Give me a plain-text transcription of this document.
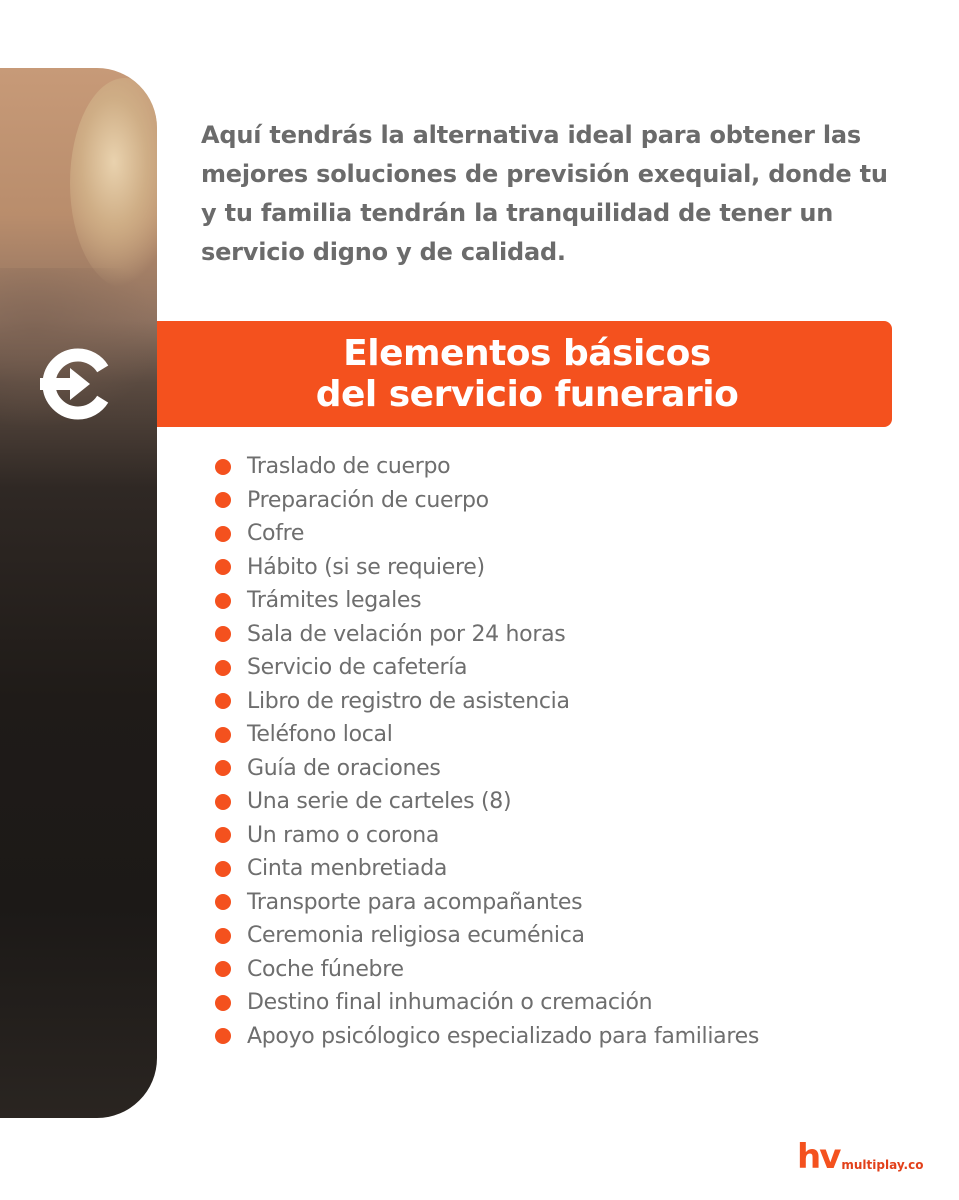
Aquí tendrás la alternativa ideal para obtener las mejores soluciones de previsión exequial, donde tu y tu familia tendrán la tranquilidad de tener un servicio digno y de calidad.

Elementos básicos
del servicio funerario
Traslado de cuerpo
Preparación de cuerpo
Cofre
Hábito (si se requiere)
Trámites legales
Sala de velación por 24 horas
Servicio de cafetería
Libro de registro de asistencia
Teléfono local
Guía de oraciones
Una serie de carteles (8)
Un ramo o corona
Cinta menbretiada
Transporte para acompañantes
Ceremonia religiosa ecuménica
Coche fúnebre
Destino final inhumación o cremación
Apoyo psicólogico especializado para familiares
hv multiplay.co
